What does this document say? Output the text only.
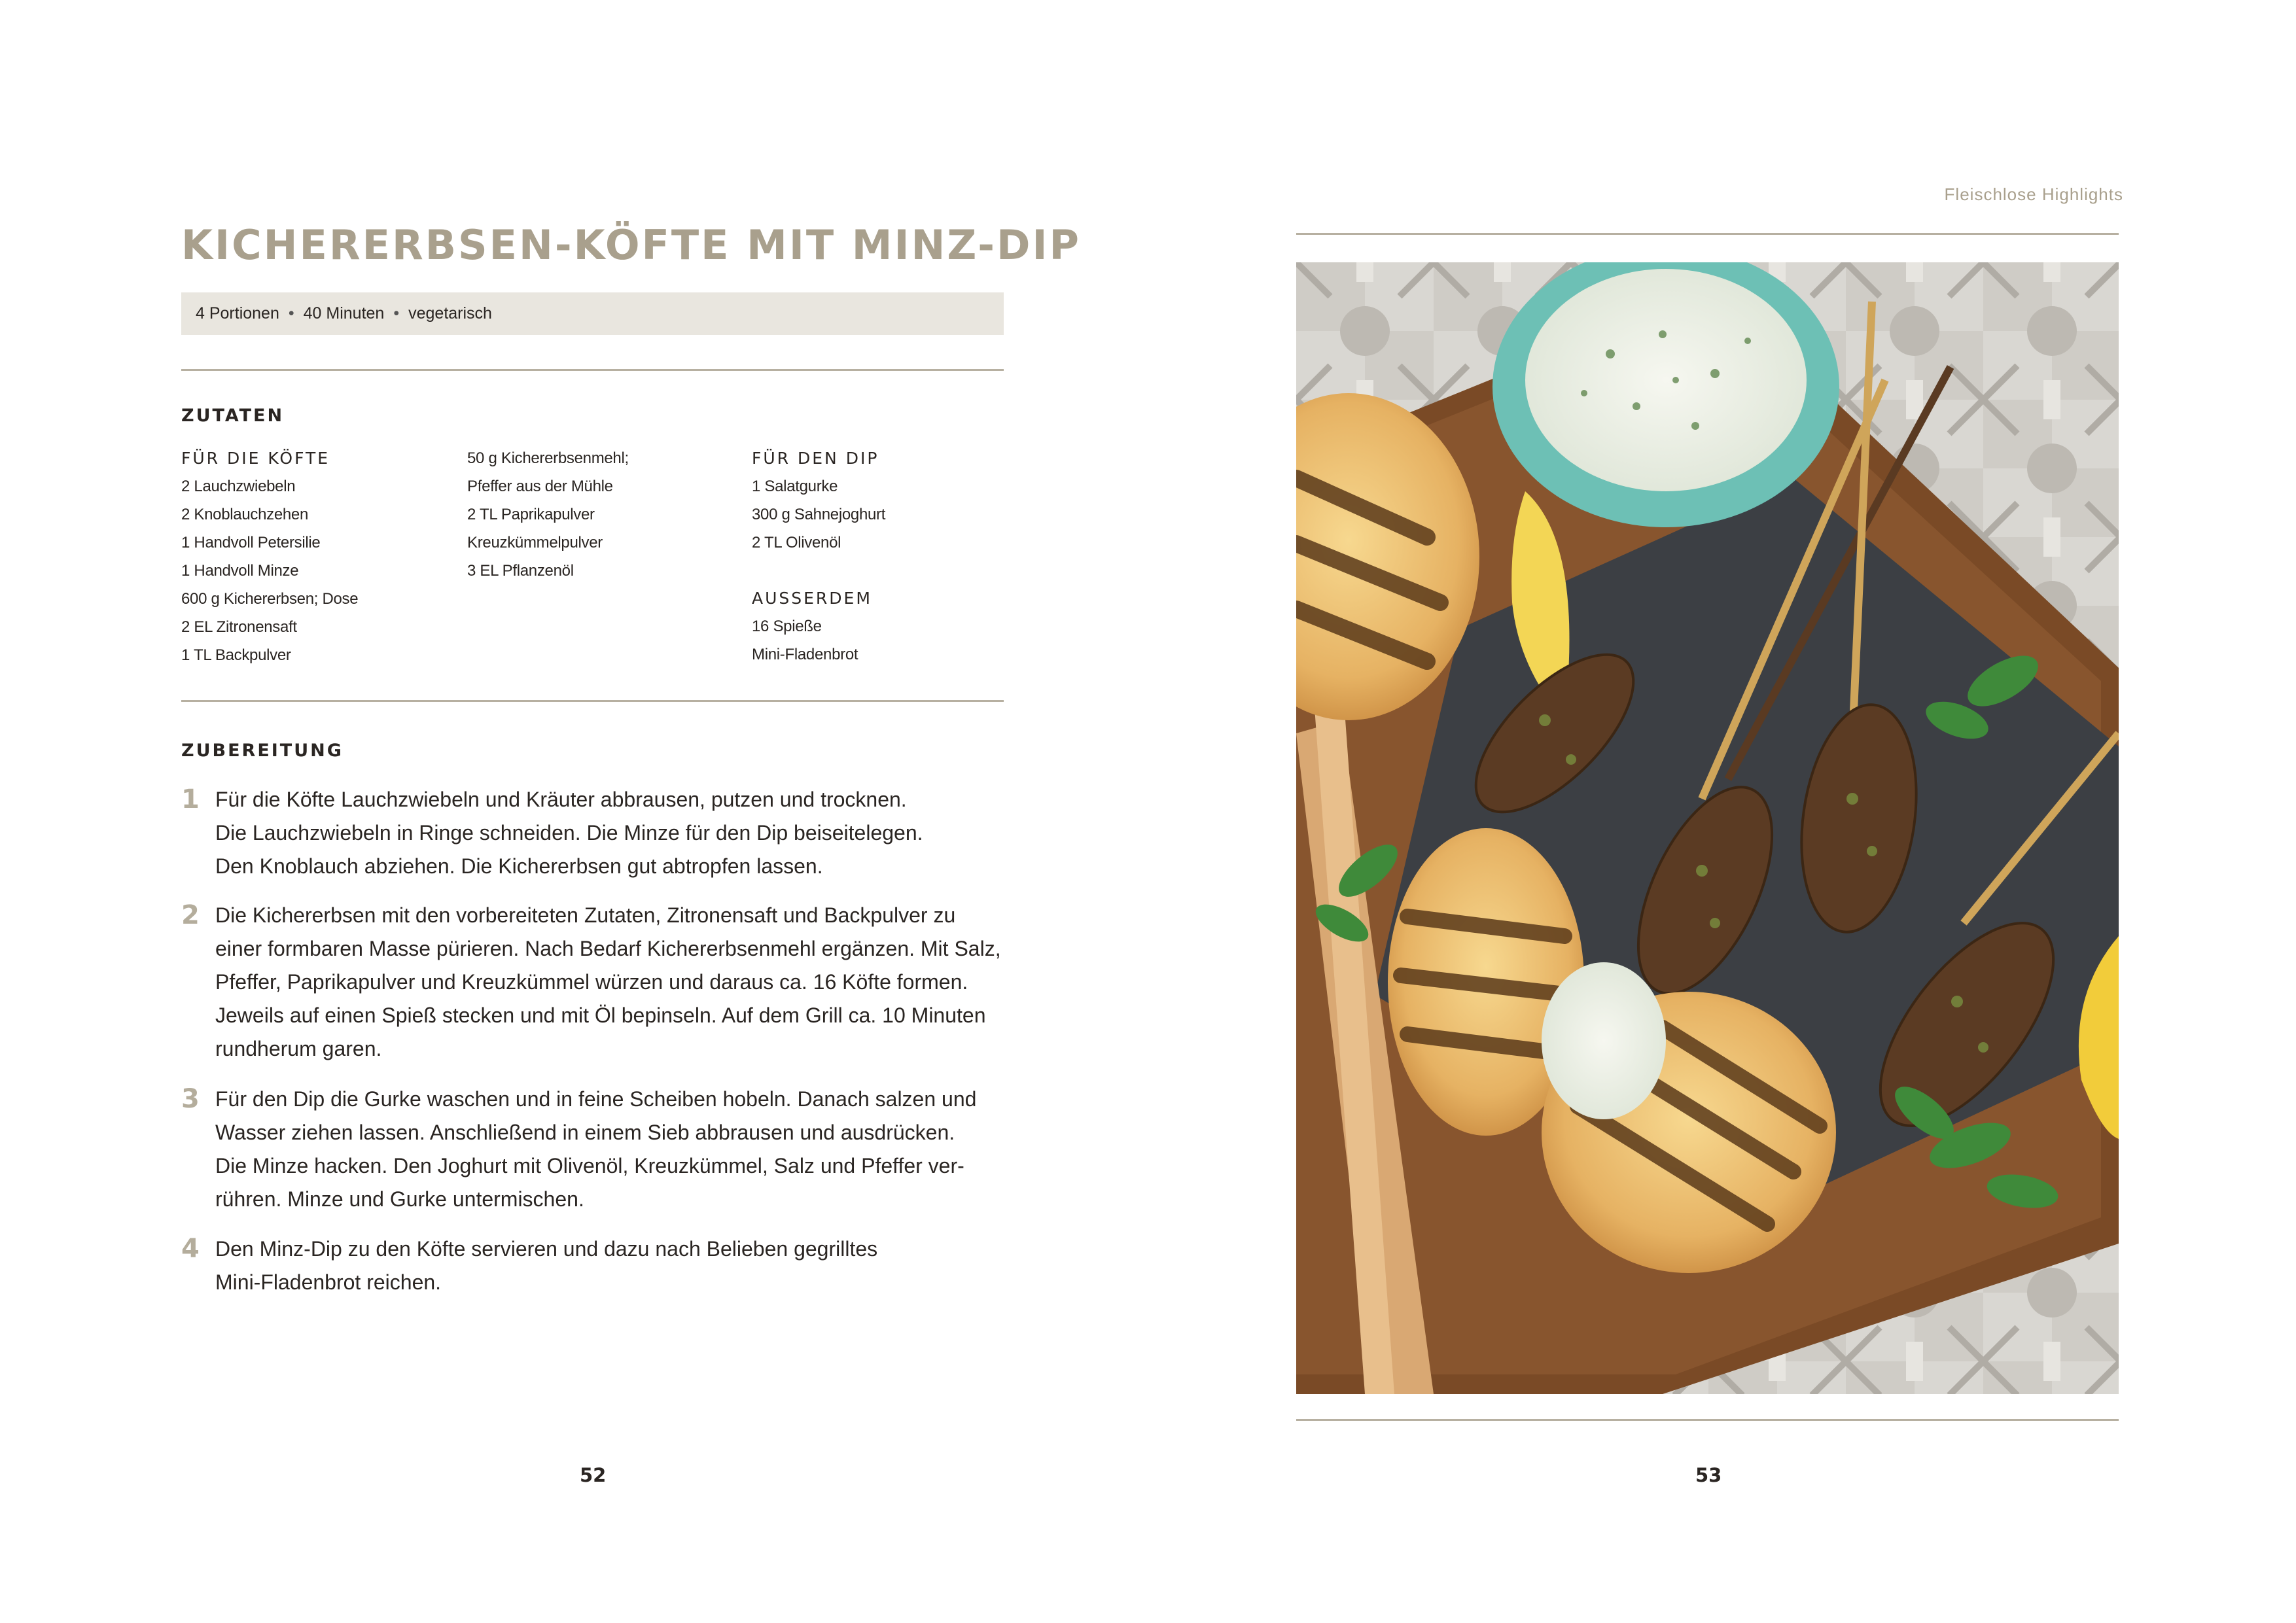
KICHERERBSEN-KÖFTE MIT MINZ-DIP
4 Portionen • 40 Minuten • vegetarisch
ZUTATEN
FÜR DIE KÖFTE
2 Lauchzwiebeln
2 Knoblauchzehen
1 Handvoll Petersilie
1 Handvoll Minze
600 g Kichererbsen; Dose
2 EL Zitronensaft
1 TL Backpulver
50 g Kichererbsenmehl;
Pfeffer aus der Mühle
2 TL Paprikapulver
Kreuzkümmelpulver
3 EL Pflanzenöl
FÜR DEN DIP
1 Salatgurke
300 g Sahnejoghurt
2 TL Olivenöl
AUSSERDEM
16 Spieße
Mini-Fladenbrot
ZUBEREITUNG
1 Für die Köfte Lauchzwiebeln und Kräuter abbrausen, putzen und trocknen.
Die Lauchzwiebeln in Ringe schneiden. Die Minze für den Dip beiseitelegen.
Den Knoblauch abziehen. Die Kichererbsen gut abtropfen lassen.
2 Die Kichererbsen mit den vorbereiteten Zutaten, Zitronensaft und Backpulver zu
einer formbaren Masse pürieren. Nach Bedarf Kichererbsenmehl ergänzen. Mit Salz,
Pfeffer, Paprikapulver und Kreuzkümmel würzen und daraus ca. 16 Köfte formen.
Jeweils auf einen Spieß stecken und mit Öl bepinseln. Auf dem Grill ca. 10 Minuten
rundherum garen.
3 Für den Dip die Gurke waschen und in feine Scheiben hobeln. Danach salzen und
Wasser ziehen lassen. Anschließend in einem Sieb abbrausen und ausdrücken.
Die Minze hacken. Den Joghurt mit Olivenöl, Kreuzkümmel, Salz und Pfeffer ver-
rühren. Minze und Gurke untermischen.
4 Den Minz-Dip zu den Köfte servieren und dazu nach Belieben gegrilltes
Mini-Fladenbrot reichen.
52
Fleischlose Highlights
53
